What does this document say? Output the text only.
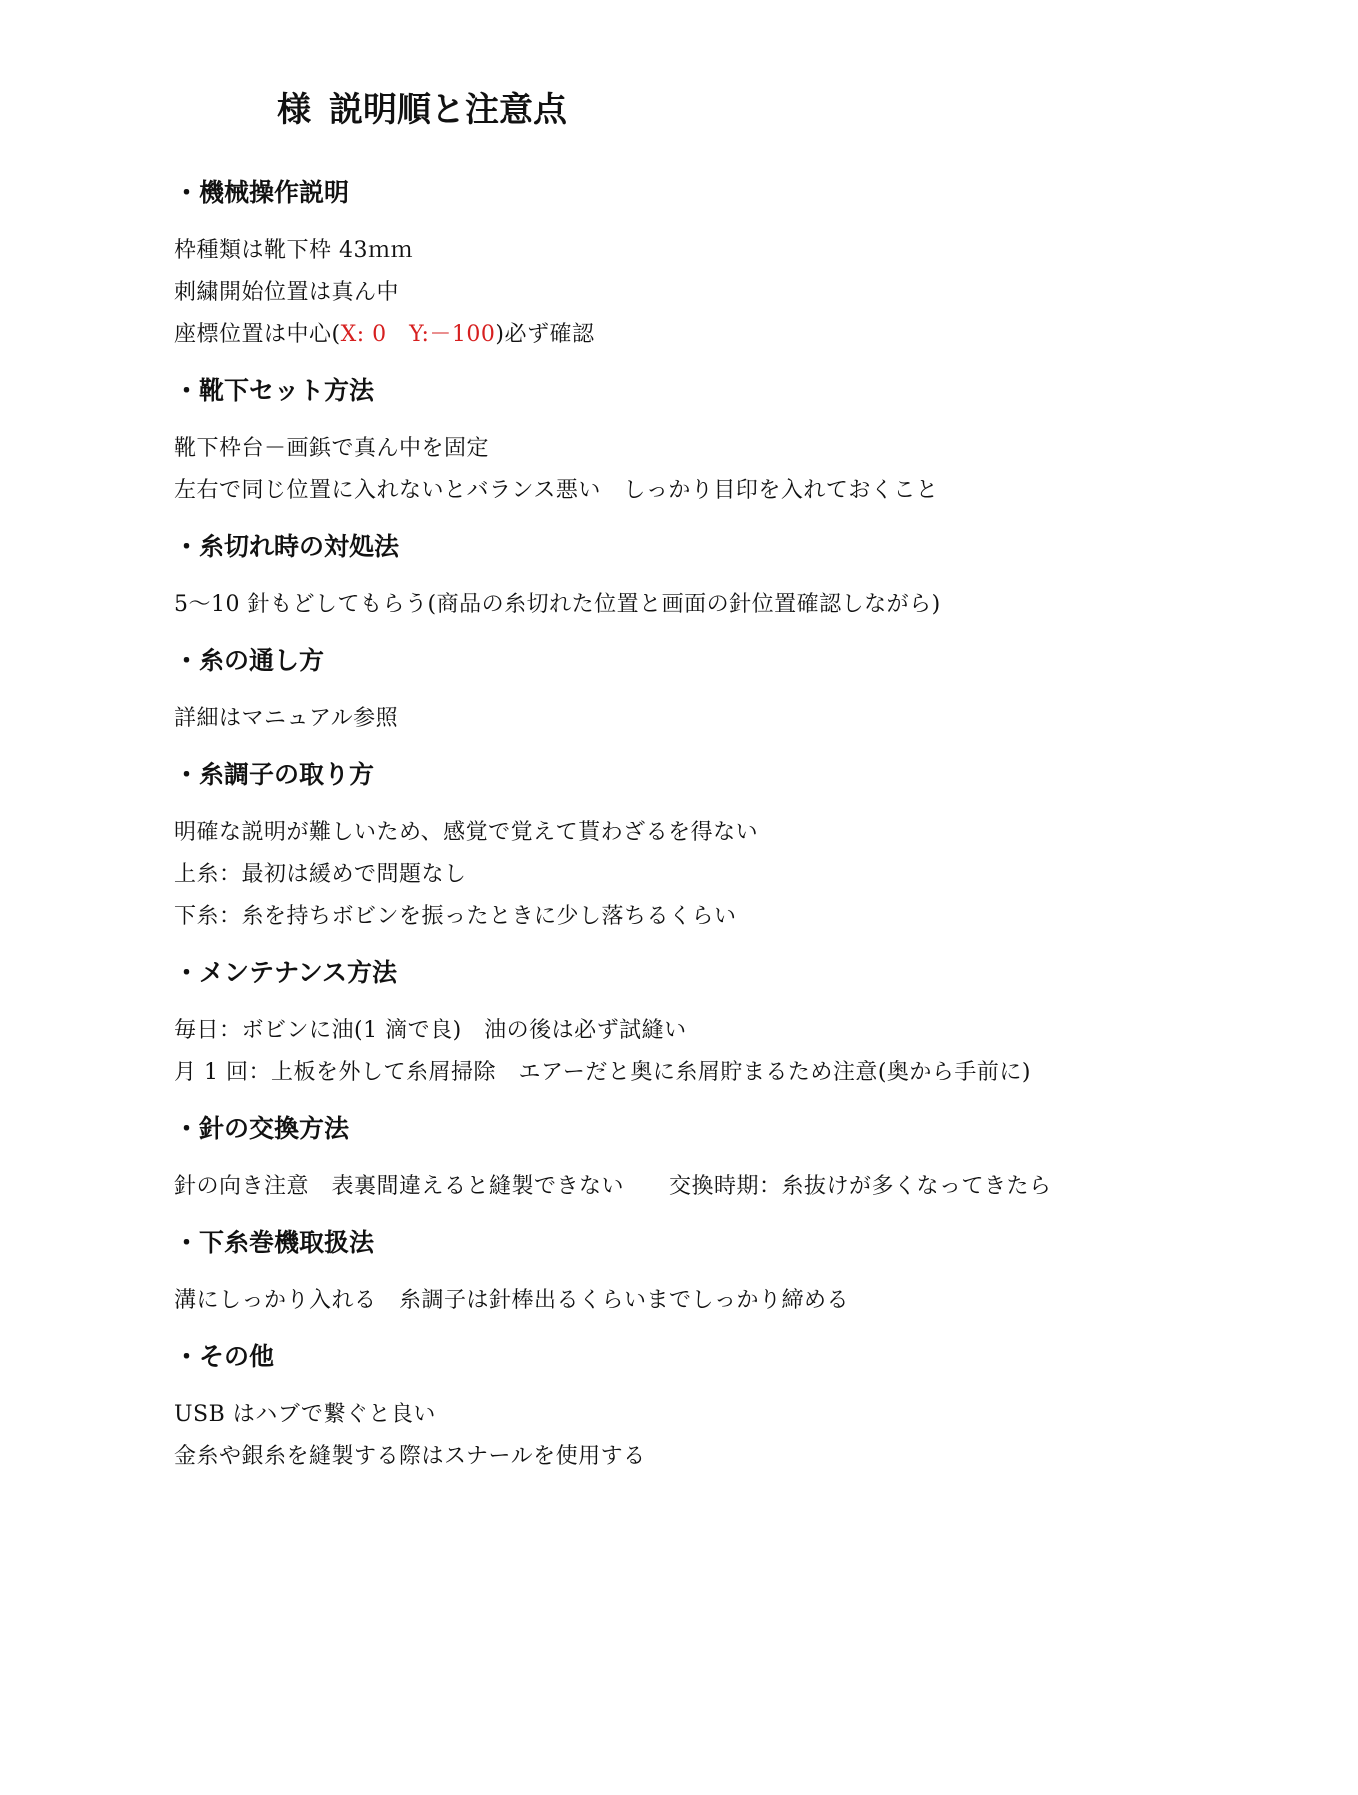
様 説明順と注意点
・機械操作説明
枠種類は靴下枠 43ｍｍ
刺繍開始位置は真ん中
座標位置は中心(X: 0　Y:－100)必ず確認
・靴下セット方法
靴下枠台－画鋲で真ん中を固定
左右で同じ位置に入れないとバランス悪い　しっかり目印を入れておくこと
・糸切れ時の対処法
5～10 針もどしてもらう(商品の糸切れた位置と画面の針位置確認しながら)
・糸の通し方
詳細はマニュアル参照
・糸調子の取り方
明確な説明が難しいため、感覚で覚えて貰わざるを得ない
上糸：最初は緩めで問題なし
下糸：糸を持ちボビンを振ったときに少し落ちるくらい
・メンテナンス方法
毎日：ボビンに油(1 滴で良)　油の後は必ず試縫い
月 1 回：上板を外して糸屑掃除　エアーだと奥に糸屑貯まるため注意(奥から手前に)
・針の交換方法
針の向き注意　表裏間違えると縫製できない　　交換時期：糸抜けが多くなってきたら
・下糸巻機取扱法
溝にしっかり入れる　糸調子は針棒出るくらいまでしっかり締める
・その他
USB はハブで繋ぐと良い
金糸や銀糸を縫製する際はスナールを使用する
